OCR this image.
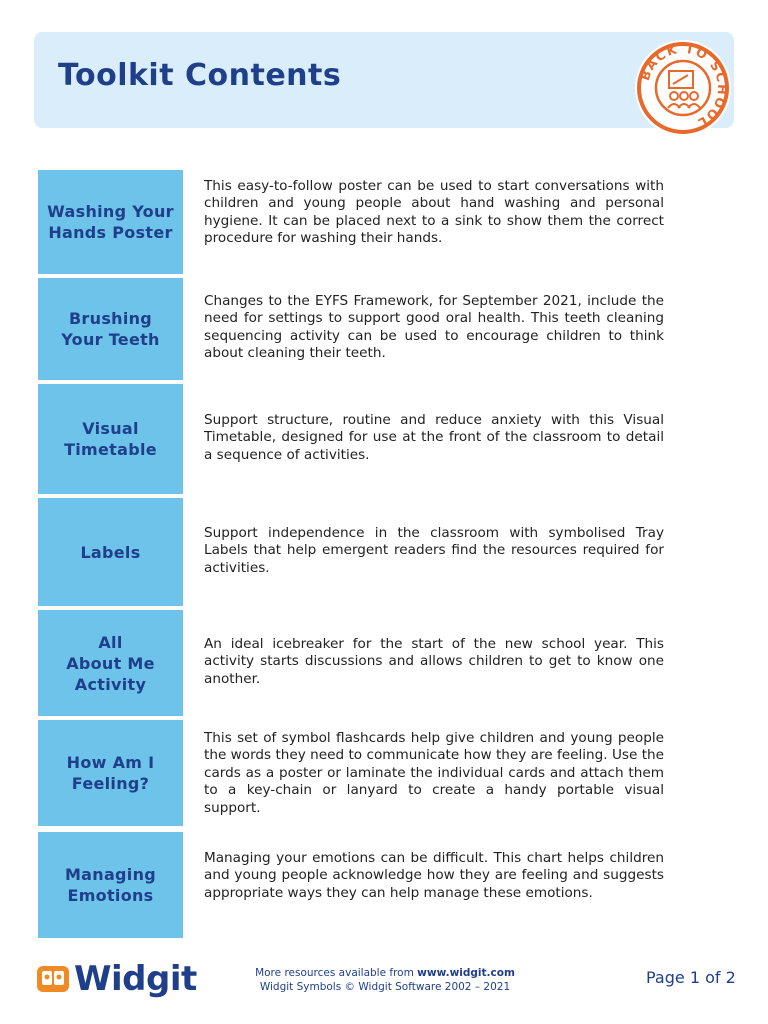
Toolkit Contents	BACK TO SCHOOL
Washing Your
Hands Poster
This easy-to-follow poster can be used to start conversations with children and young people about hand washing and personal hygiene. It can be placed next to a sink to show them the correct procedure for washing their hands.
Brushing
Your Teeth
Changes to the EYFS Framework, for September 2021, include the need for settings to support good oral health. This teeth cleaning sequencing activity can be used to encourage children to think about cleaning their teeth.
Visual
Timetable
Support structure, routine and reduce anxiety with this Visual Timetable, designed for use at the front of the classroom to detail a sequence of activities.
Labels
Support independence in the classroom with symbolised Tray Labels that help emergent readers find the resources required for activities.
All
About Me
Activity
An ideal icebreaker for the start of the new school year. This activity starts discussions and allows children to get to know one another.
How Am I
Feeling?
This set of symbol flashcards help give children and young people the words they need to communicate how they are feeling. Use the cards as a poster or laminate the individual cards and attach them to a key-chain or lanyard to create a handy portable visual support.
Managing
Emotions
Managing your emotions can be difficult. This chart helps children and young people acknowledge how they are feeling and suggests appropriate ways they can help manage these emotions.
Widgit	More resources available from www.widgit.com
Widgit Symbols © Widgit Software 2002 – 2021	Page 1 of 2
